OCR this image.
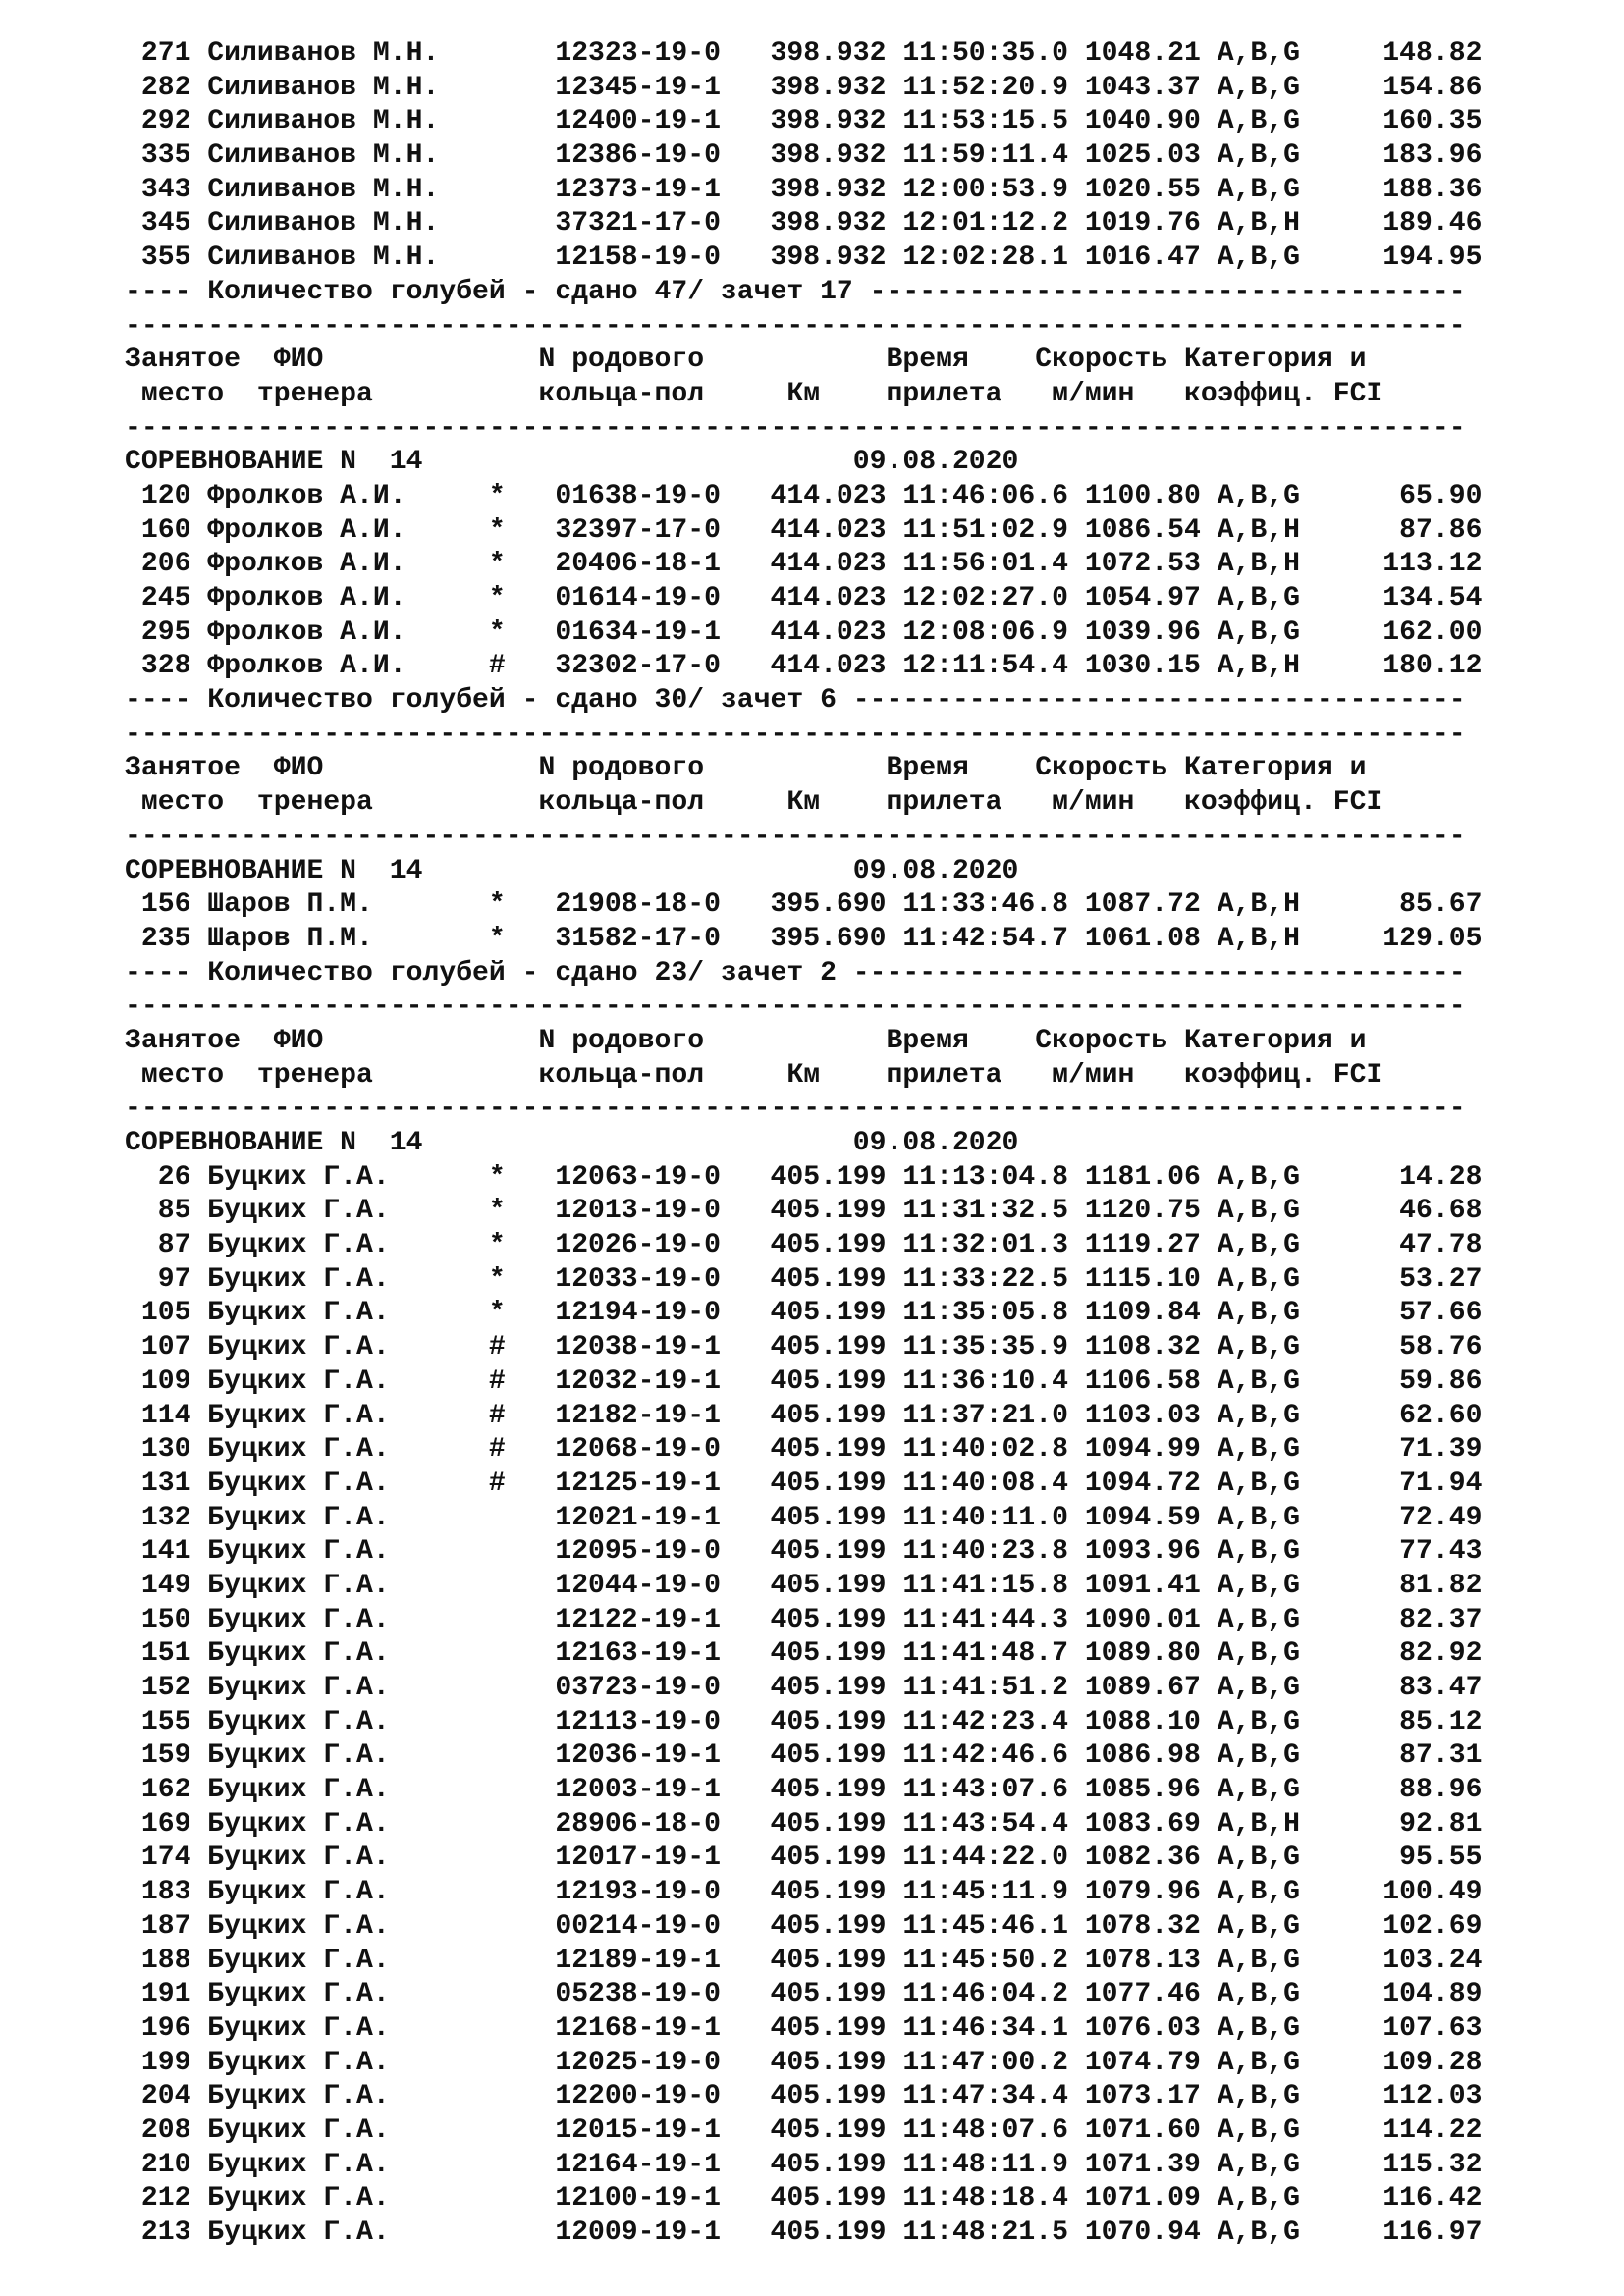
271 Силиванов М.Н.       12323-19-0   398.932 11:50:35.0 1048.21 A,B,G     148.82
282 Силиванов М.Н.       12345-19-1   398.932 11:52:20.9 1043.37 A,B,G     154.86
292 Силиванов М.Н.       12400-19-1   398.932 11:53:15.5 1040.90 A,B,G     160.35
335 Силиванов М.Н.       12386-19-0   398.932 11:59:11.4 1025.03 A,B,G     183.96
343 Силиванов М.Н.       12373-19-1   398.932 12:00:53.9 1020.55 A,B,G     188.36
345 Силиванов М.Н.       37321-17-0   398.932 12:01:12.2 1019.76 A,B,H     189.46
355 Силиванов М.Н.       12158-19-0   398.932 12:02:28.1 1016.47 A,B,G     194.95
---- Количество голубей - сдано 47/ зачет 17 ------------------------------------
---------------------------------------------------------------------------------
Занятое  ФИО             N родового           Время    Скорость Категория и
место  тренера          кольца-пол     Км    прилета   м/мин   коэффиц. FCI
---------------------------------------------------------------------------------
СОРЕВНОВАНИЕ N  14                          09.08.2020
120 Фролков А.И.     *   01638-19-0   414.023 11:46:06.6 1100.80 A,B,G      65.90
160 Фролков А.И.     *   32397-17-0   414.023 11:51:02.9 1086.54 A,B,H      87.86
206 Фролков А.И.     *   20406-18-1   414.023 11:56:01.4 1072.53 A,B,H     113.12
245 Фролков А.И.     *   01614-19-0   414.023 12:02:27.0 1054.97 A,B,G     134.54
295 Фролков А.И.     *   01634-19-1   414.023 12:08:06.9 1039.96 A,B,G     162.00
328 Фролков А.И.     #   32302-17-0   414.023 12:11:54.4 1030.15 A,B,H     180.12
---- Количество голубей - сдано 30/ зачет 6 -------------------------------------
---------------------------------------------------------------------------------
Занятое  ФИО             N родового           Время    Скорость Категория и
место  тренера          кольца-пол     Км    прилета   м/мин   коэффиц. FCI
---------------------------------------------------------------------------------
СОРЕВНОВАНИЕ N  14                          09.08.2020
156 Шаров П.М.       *   21908-18-0   395.690 11:33:46.8 1087.72 A,B,H      85.67
235 Шаров П.М.       *   31582-17-0   395.690 11:42:54.7 1061.08 A,B,H     129.05
---- Количество голубей - сдано 23/ зачет 2 -------------------------------------
---------------------------------------------------------------------------------
Занятое  ФИО             N родового           Время    Скорость Категория и
место  тренера          кольца-пол     Км    прилета   м/мин   коэффиц. FCI
---------------------------------------------------------------------------------
СОРЕВНОВАНИЕ N  14                          09.08.2020
26 Буцких Г.А.      *   12063-19-0   405.199 11:13:04.8 1181.06 A,B,G      14.28
85 Буцких Г.А.      *   12013-19-0   405.199 11:31:32.5 1120.75 A,B,G      46.68
87 Буцких Г.А.      *   12026-19-0   405.199 11:32:01.3 1119.27 A,B,G      47.78
97 Буцких Г.А.      *   12033-19-0   405.199 11:33:22.5 1115.10 A,B,G      53.27
105 Буцких Г.А.      *   12194-19-0   405.199 11:35:05.8 1109.84 A,B,G      57.66
107 Буцких Г.А.      #   12038-19-1   405.199 11:35:35.9 1108.32 A,B,G      58.76
109 Буцких Г.А.      #   12032-19-1   405.199 11:36:10.4 1106.58 A,B,G      59.86
114 Буцких Г.А.      #   12182-19-1   405.199 11:37:21.0 1103.03 A,B,G      62.60
130 Буцких Г.А.      #   12068-19-0   405.199 11:40:02.8 1094.99 A,B,G      71.39
131 Буцких Г.А.      #   12125-19-1   405.199 11:40:08.4 1094.72 A,B,G      71.94
132 Буцких Г.А.          12021-19-1   405.199 11:40:11.0 1094.59 A,B,G      72.49
141 Буцких Г.А.          12095-19-0   405.199 11:40:23.8 1093.96 A,B,G      77.43
149 Буцких Г.А.          12044-19-0   405.199 11:41:15.8 1091.41 A,B,G      81.82
150 Буцких Г.А.          12122-19-1   405.199 11:41:44.3 1090.01 A,B,G      82.37
151 Буцких Г.А.          12163-19-1   405.199 11:41:48.7 1089.80 A,B,G      82.92
152 Буцких Г.А.          03723-19-0   405.199 11:41:51.2 1089.67 A,B,G      83.47
155 Буцких Г.А.          12113-19-0   405.199 11:42:23.4 1088.10 A,B,G      85.12
159 Буцких Г.А.          12036-19-1   405.199 11:42:46.6 1086.98 A,B,G      87.31
162 Буцких Г.А.          12003-19-1   405.199 11:43:07.6 1085.96 A,B,G      88.96
169 Буцких Г.А.          28906-18-0   405.199 11:43:54.4 1083.69 A,B,H      92.81
174 Буцких Г.А.          12017-19-1   405.199 11:44:22.0 1082.36 A,B,G      95.55
183 Буцких Г.А.          12193-19-0   405.199 11:45:11.9 1079.96 A,B,G     100.49
187 Буцких Г.А.          00214-19-0   405.199 11:45:46.1 1078.32 A,B,G     102.69
188 Буцких Г.А.          12189-19-1   405.199 11:45:50.2 1078.13 A,B,G     103.24
191 Буцких Г.А.          05238-19-0   405.199 11:46:04.2 1077.46 A,B,G     104.89
196 Буцких Г.А.          12168-19-1   405.199 11:46:34.1 1076.03 A,B,G     107.63
199 Буцких Г.А.          12025-19-0   405.199 11:47:00.2 1074.79 A,B,G     109.28
204 Буцких Г.А.          12200-19-0   405.199 11:47:34.4 1073.17 A,B,G     112.03
208 Буцких Г.А.          12015-19-1   405.199 11:48:07.6 1071.60 A,B,G     114.22
210 Буцких Г.А.          12164-19-1   405.199 11:48:11.9 1071.39 A,B,G     115.32
212 Буцких Г.А.          12100-19-1   405.199 11:48:18.4 1071.09 A,B,G     116.42
213 Буцких Г.А.          12009-19-1   405.199 11:48:21.5 1070.94 A,B,G     116.97
